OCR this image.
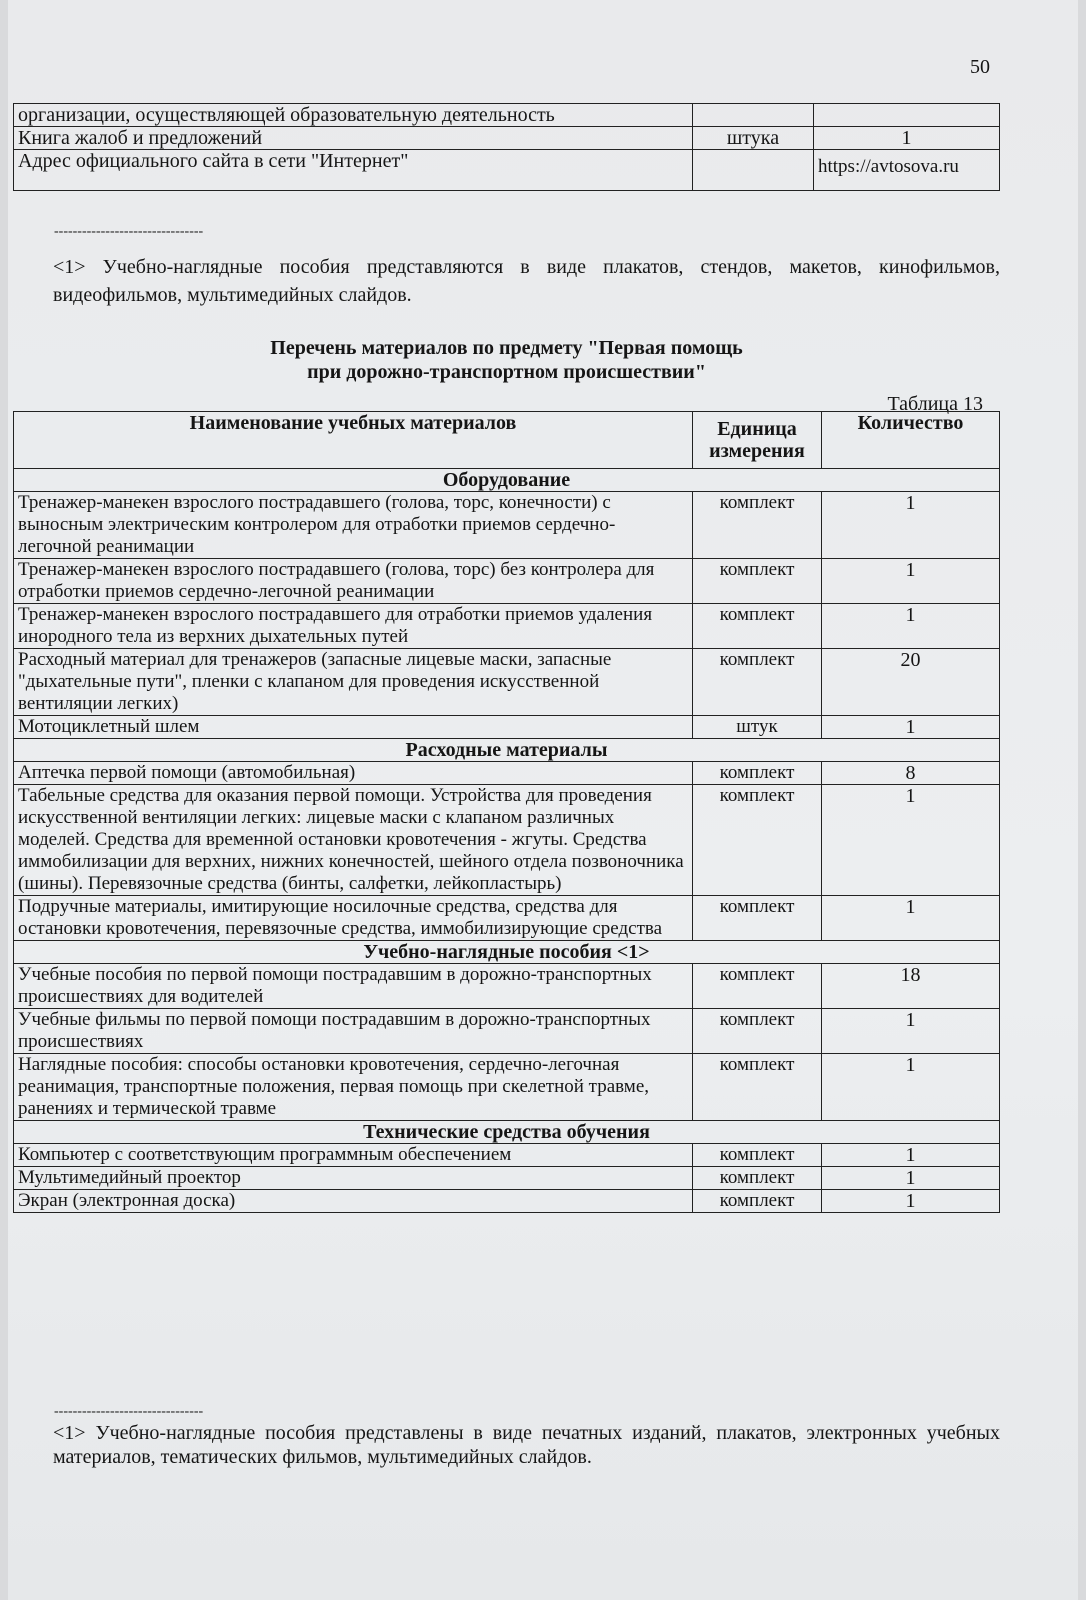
50
организации, осуществляющей образовательную деятельность		
Книга жалоб и предложений	штука	1
Адрес официального сайта в сети "Интернет"		https://avtosova.ru
--------------------------------
<1> Учебно-наглядные пособия представляются в виде плакатов, стендов, макетов, кинофильмов, видеофильмов, мультимедийных слайдов.
Перечень материалов по предмету "Первая помощь
при дорожно-транспортном происшествии"
Таблица 13
Наименование учебных материалов	Единица измерения	Количество
Оборудование		
Тренажер-манекен взрослого пострадавшего (голова, торс, конечности) с выносным электрическим контролером для отработки приемов сердечно-легочной реанимации	комплект	1
Тренажер-манекен взрослого пострадавшего (голова, торс) без контролера для отработки приемов сердечно-легочной реанимации	комплект	1
Тренажер-манекен взрослого пострадавшего для отработки приемов удаления инородного тела из верхних дыхательных путей	комплект	1
Расходный материал для тренажеров (запасные лицевые маски, запасные "дыхательные пути", пленки с клапаном для проведения искусственной вентиляции легких)	комплект	20
Мотоциклетный шлем	штук	1
Расходные материалы		
Аптечка первой помощи (автомобильная)	комплект	8
Табельные средства для оказания первой помощи. Устройства для проведения искусственной вентиляции легких: лицевые маски с клапаном различных моделей. Средства для временной остановки кровотечения - жгуты. Средства иммобилизации для верхних, нижних конечностей, шейного отдела позвоночника (шины). Перевязочные средства (бинты, салфетки, лейкопластырь)	комплект	1
Подручные материалы, имитирующие носилочные средства, средства для остановки кровотечения, перевязочные средства, иммобилизирующие средства	комплект	1
Учебно-наглядные пособия <1>		
Учебные пособия по первой помощи пострадавшим в дорожно-транспортных происшествиях для водителей	комплект	18
Учебные фильмы по первой помощи пострадавшим в дорожно-транспортных происшествиях	комплект	1
Наглядные пособия: способы остановки кровотечения, сердечно-легочная реанимация, транспортные положения, первая помощь при скелетной травме, ранениях и термической травме	комплект	1
Технические средства обучения		
Компьютер с соответствующим программным обеспечением	комплект	1
Мультимедийный проектор	комплект	1
Экран (электронная доска)	комплект	1
--------------------------------
<1> Учебно-наглядные пособия представлены в виде печатных изданий, плакатов, электронных учебных материалов, тематических фильмов, мультимедийных слайдов.
